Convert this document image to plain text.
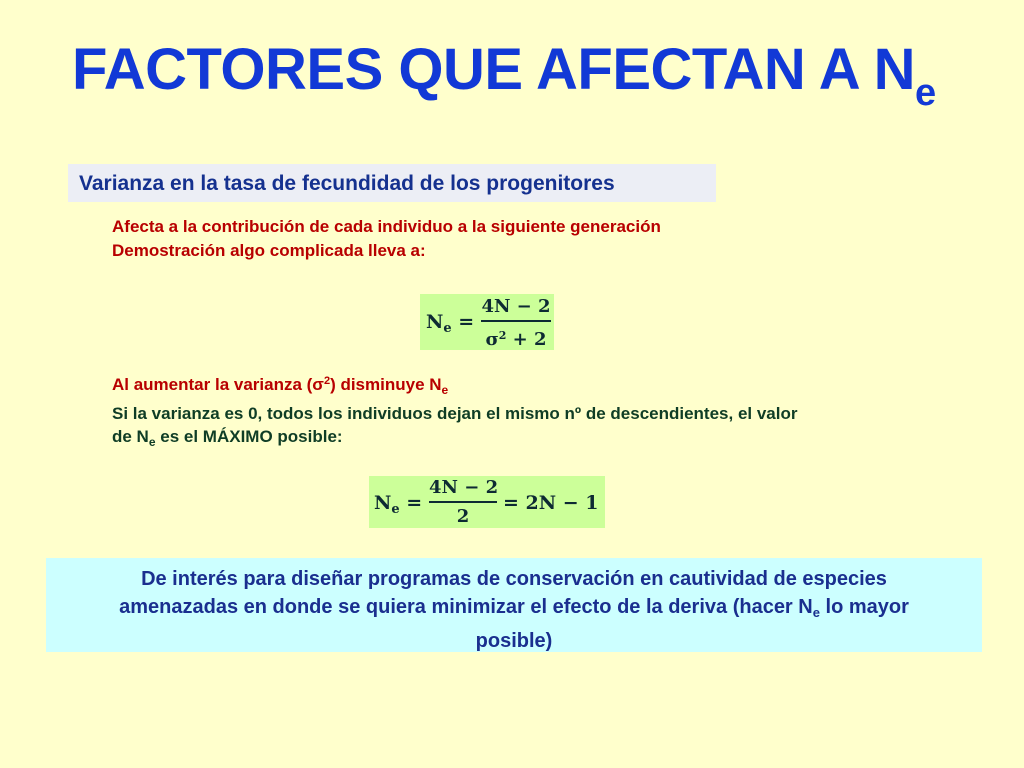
FACTORES QUE AFECTAN A $N_e$
Varianza en la tasa de fecundidad de los progenitores
Afecta a la contribución de cada individuo a la siguiente generación
Demostración algo complicada lleva a:
$N_e$ =
4N − 2
$\sigma^2 + 2$
Al aumentar la varianza $(\sigma^2)$ disminuye $N_e$
Si la varianza es 0, todos los individuos dejan el mismo nº de descendientes, el valor
de $N_e$ es el MÁXIMO posible:
$N_e$ =
4N − 2
2
= 2N − 1
De interés para diseñar programas de conservación en cautividad de especies
amenazadas en donde se quiera minimizar el efecto de la deriva (hacer $N_e$ lo mayor
posible)
